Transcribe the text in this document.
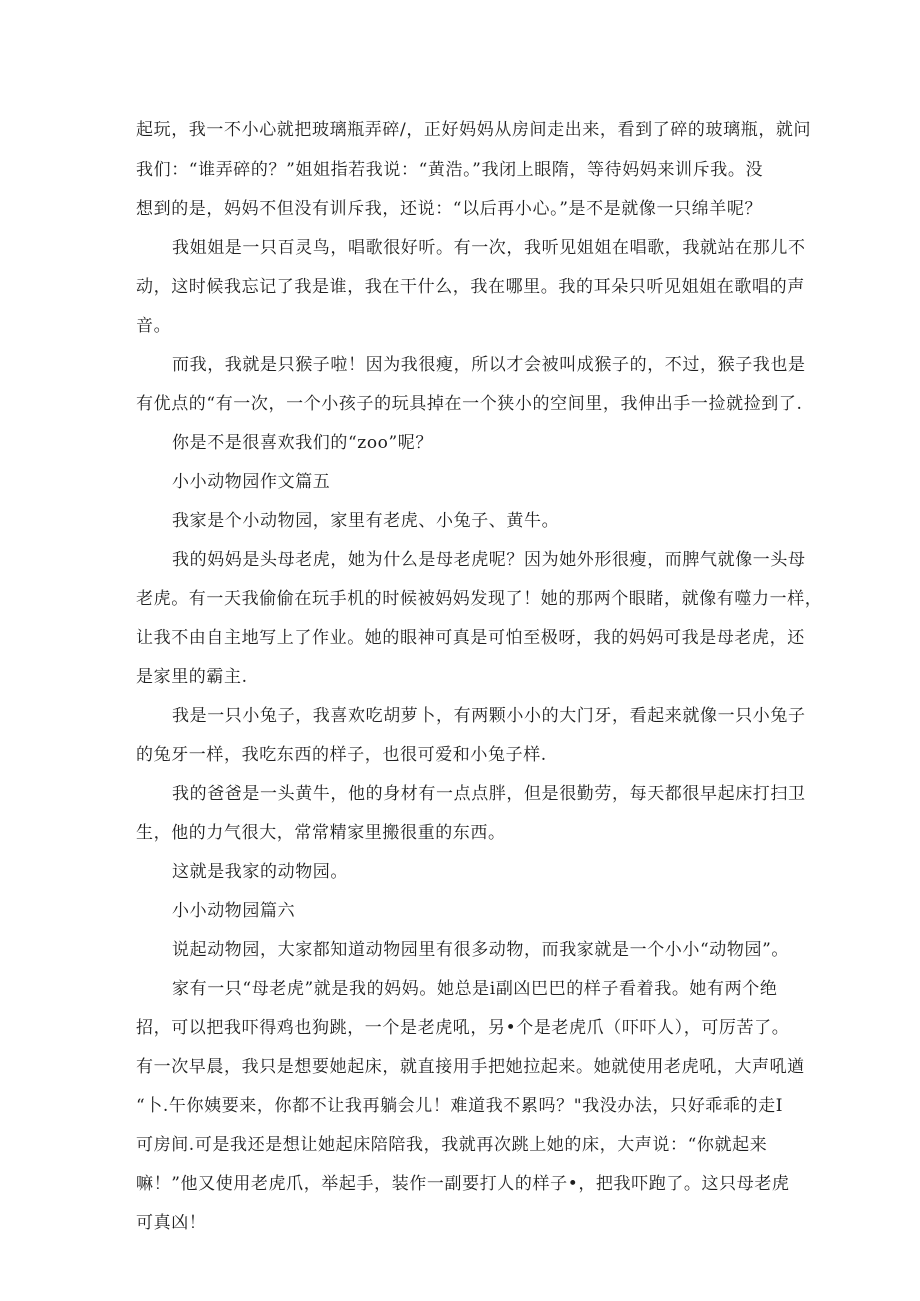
起玩，我一不小心就把玻璃瓶弄碎/，正好妈妈从房间走出来，看到了碎的玻璃瓶，就问
我们：“谁弄碎的？”姐姐指若我说：“黄浩。”我闭上眼隋，等待妈妈来训斥我。没
想到的是，妈妈不但没有训斥我，还说：“以后再小心。”是不是就像一只绵羊呢？
我姐姐是一只百灵鸟，唱歌很好听。有一次，我听见姐姐在唱歌，我就站在那儿不
动，这时候我忘记了我是谁，我在干什么，我在哪里。我的耳朵只听见姐姐在歌唱的声
音。
而我，我就是只猴子啦！因为我很瘦，所以才会被叫成猴子的，不过，猴子我也是
有优点的“有一次，一个小孩子的玩具掉在一个狭小的空间里，我伸出手一捡就捡到了.
你是不是很喜欢我们的“zoo”呢？
小小动物园作文篇五
我家是个小动物园，家里有老虎、小兔子、黄牛。
我的妈妈是头母老虎，她为什么是母老虎呢？因为她外形很瘦，而脾气就像一头母
老虎。有一天我偷偷在玩手机的时候被妈妈发现了！她的那两个眼睹，就像有噬力一样，
让我不由自主地写上了作业。她的眼神可真是可怕至极呀，我的妈妈可我是母老虎，还
是家里的霸主.
我是一只小兔子，我喜欢吃胡萝卜，有两颗小小的大门牙，看起来就像一只小兔子
的兔牙一样，我吃东西的样子，也很可爱和小兔子样.
我的爸爸是一头黄牛，他的身材有一点点胖，但是很勤劳，每天都很早起床打扫卫
生，他的力气很大，常常精家里搬很重的东西。
这就是我家的动物园。
小小动物园篇六
说起动物园，大家都知道动物园里有很多动物，而我家就是一个小小“动物园”。
家有一只“母老虎”就是我的妈妈。她总是i副凶巴巴的样子看着我。她有两个绝
招，可以把我吓得鸡也狗跳，一个是老虎吼，另•个是老虎爪（吓吓人），可厉苦了。
有一次早晨，我只是想要她起床，就直接用手把她拉起来。她就使用老虎吼，大声吼遒
“卜.午你姨要来，你都不让我再躺会儿！难道我不累吗？"我没办法，只好乖乖的走I
可房间.可是我还是想让她起床陪陪我，我就再次跳上她的床，大声说：“你就起来
嘛！”他又使用老虎爪，举起手，装作一副要打人的样子•，把我吓跑了。这只母老虎
可真凶！
